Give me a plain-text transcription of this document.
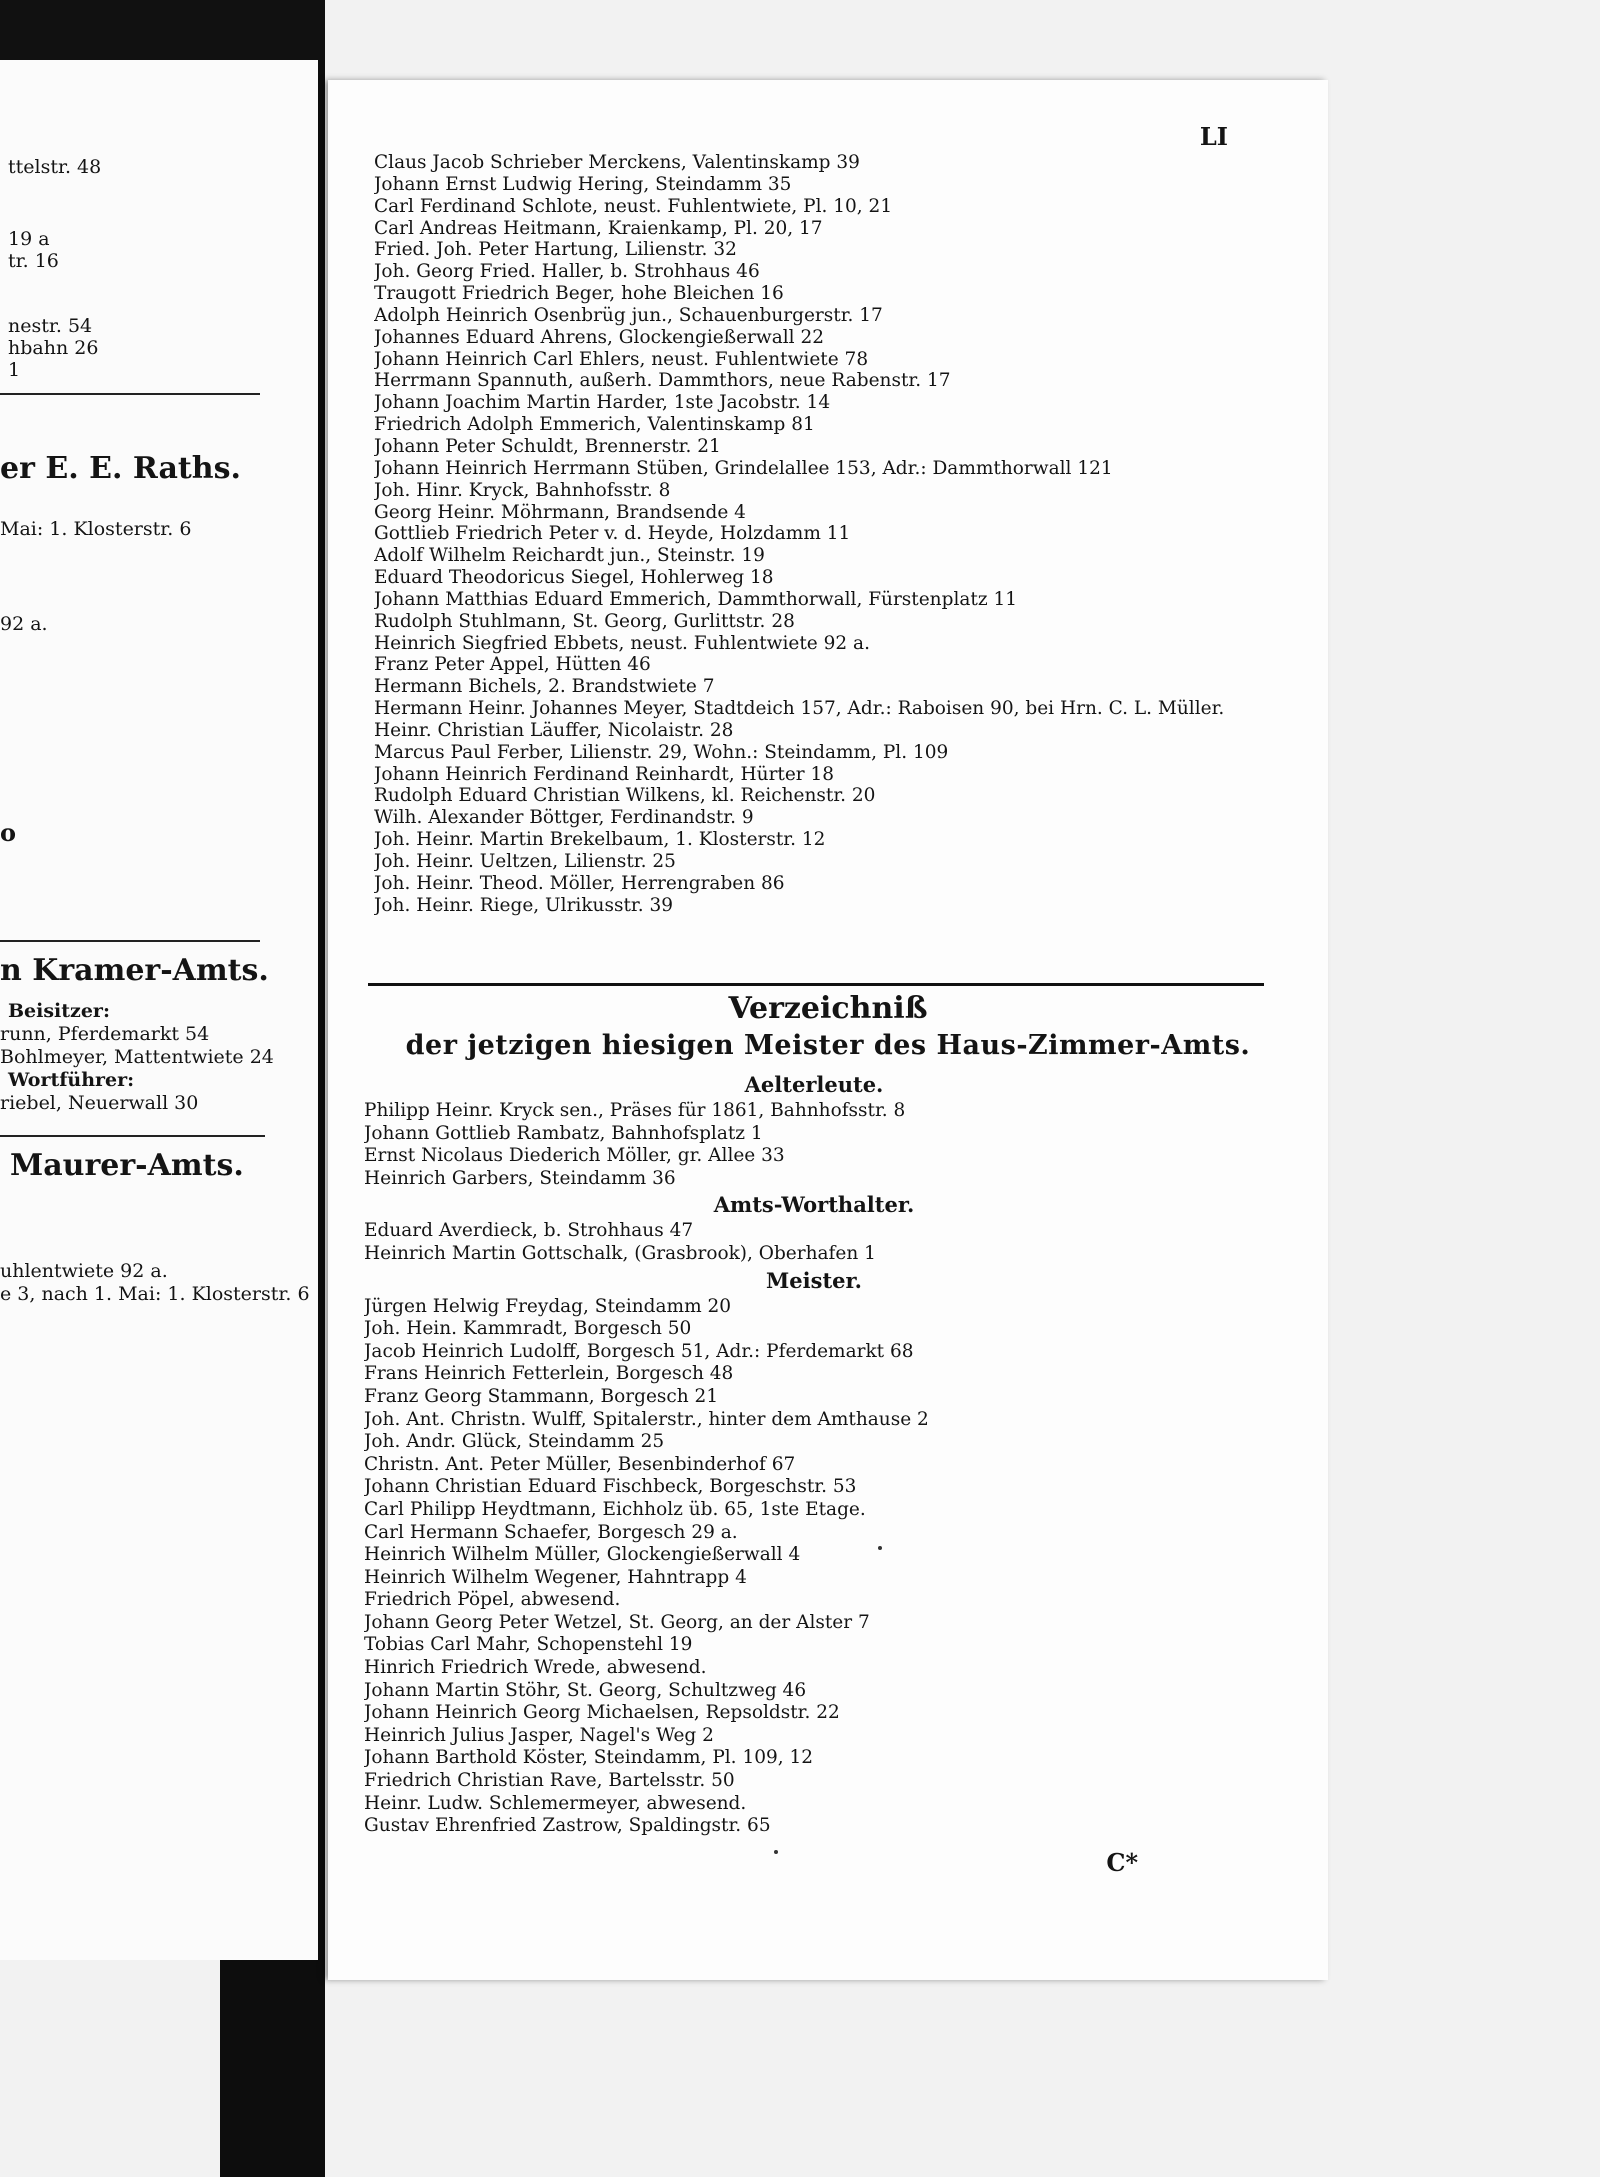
ttelstr. 48
19 a
tr. 16
nestr. 54
hbahn 26
1
er E. E. Raths.
Mai: 1. Klosterstr. 6
92 a.
o
n Kramer-Amts.
Beisitzer:
runn, Pferdemarkt 54
Bohlmeyer, Mattentwiete 24
Wortführer:
riebel, Neuerwall 30
Maurer-Amts.
uhlentwiete 92 a.
e 3, nach 1. Mai: 1. Klosterstr. 6
LI
Claus Jacob Schrieber Merckens, Valentinskamp 39
Johann Ernst Ludwig Hering, Steindamm 35
Carl Ferdinand Schlote, neust. Fuhlentwiete, Pl. 10, 21
Carl Andreas Heitmann, Kraienkamp, Pl. 20, 17
Fried. Joh. Peter Hartung, Lilienstr. 32
Joh. Georg Fried. Haller, b. Strohhaus 46
Traugott Friedrich Beger, hohe Bleichen 16
Adolph Heinrich Osenbrüg jun., Schauenburgerstr. 17
Johannes Eduard Ahrens, Glockengießerwall 22
Johann Heinrich Carl Ehlers, neust. Fuhlentwiete 78
Herrmann Spannuth, außerh. Dammthors, neue Rabenstr. 17
Johann Joachim Martin Harder, 1ste Jacobstr. 14
Friedrich Adolph Emmerich, Valentinskamp 81
Johann Peter Schuldt, Brennerstr. 21
Johann Heinrich Herrmann Stüben, Grindelallee 153, Adr.: Dammthorwall 121
Joh. Hinr. Kryck, Bahnhofsstr. 8
Georg Heinr. Möhrmann, Brandsende 4
Gottlieb Friedrich Peter v. d. Heyde, Holzdamm 11
Adolf Wilhelm Reichardt jun., Steinstr. 19
Eduard Theodoricus Siegel, Hohlerweg 18
Johann Matthias Eduard Emmerich, Dammthorwall, Fürstenplatz 11
Rudolph Stuhlmann, St. Georg, Gurlittstr. 28
Heinrich Siegfried Ebbets, neust. Fuhlentwiete 92 a.
Franz Peter Appel, Hütten 46
Hermann Bichels, 2. Brandstwiete 7
Hermann Heinr. Johannes Meyer, Stadtdeich 157, Adr.: Raboisen 90, bei Hrn. C. L. Müller.
Heinr. Christian Läuffer, Nicolaistr. 28
Marcus Paul Ferber, Lilienstr. 29, Wohn.: Steindamm, Pl. 109
Johann Heinrich Ferdinand Reinhardt, Hürter 18
Rudolph Eduard Christian Wilkens, kl. Reichenstr. 20
Wilh. Alexander Böttger, Ferdinandstr. 9
Joh. Heinr. Martin Brekelbaum, 1. Klosterstr. 12
Joh. Heinr. Ueltzen, Lilienstr. 25
Joh. Heinr. Theod. Möller, Herrengraben 86
Joh. Heinr. Riege, Ulrikusstr. 39
Verzeichniß
der jetzigen hiesigen Meister des Haus-Zimmer-Amts.
Aelterleute.
Philipp Heinr. Kryck sen., Präses für 1861, Bahnhofsstr. 8
Johann Gottlieb Rambatz, Bahnhofsplatz 1
Ernst Nicolaus Diederich Möller, gr. Allee 33
Heinrich Garbers, Steindamm 36
Amts-Worthalter.
Eduard Averdieck, b. Strohhaus 47
Heinrich Martin Gottschalk, (Grasbrook), Oberhafen 1
Meister.
Jürgen Helwig Freydag, Steindamm 20
Joh. Hein. Kammradt, Borgesch 50
Jacob Heinrich Ludolff, Borgesch 51, Adr.: Pferdemarkt 68
Frans Heinrich Fetterlein, Borgesch 48
Franz Georg Stammann, Borgesch 21
Joh. Ant. Christn. Wulff, Spitalerstr., hinter dem Amthause 2
Joh. Andr. Glück, Steindamm 25
Christn. Ant. Peter Müller, Besenbinderhof 67
Johann Christian Eduard Fischbeck, Borgeschstr. 53
Carl Philipp Heydtmann, Eichholz üb. 65, 1ste Etage.
Carl Hermann Schaefer, Borgesch 29 a.
Heinrich Wilhelm Müller, Glockengießerwall 4
Heinrich Wilhelm Wegener, Hahntrapp 4
Friedrich Pöpel, abwesend.
Johann Georg Peter Wetzel, St. Georg, an der Alster 7
Tobias Carl Mahr, Schopenstehl 19
Hinrich Friedrich Wrede, abwesend.
Johann Martin Stöhr, St. Georg, Schultzweg 46
Johann Heinrich Georg Michaelsen, Repsoldstr. 22
Heinrich Julius Jasper, Nagel's Weg 2
Johann Barthold Köster, Steindamm, Pl. 109, 12
Friedrich Christian Rave, Bartelsstr. 50
Heinr. Ludw. Schlemermeyer, abwesend.
Gustav Ehrenfried Zastrow, Spaldingstr. 65
C*
